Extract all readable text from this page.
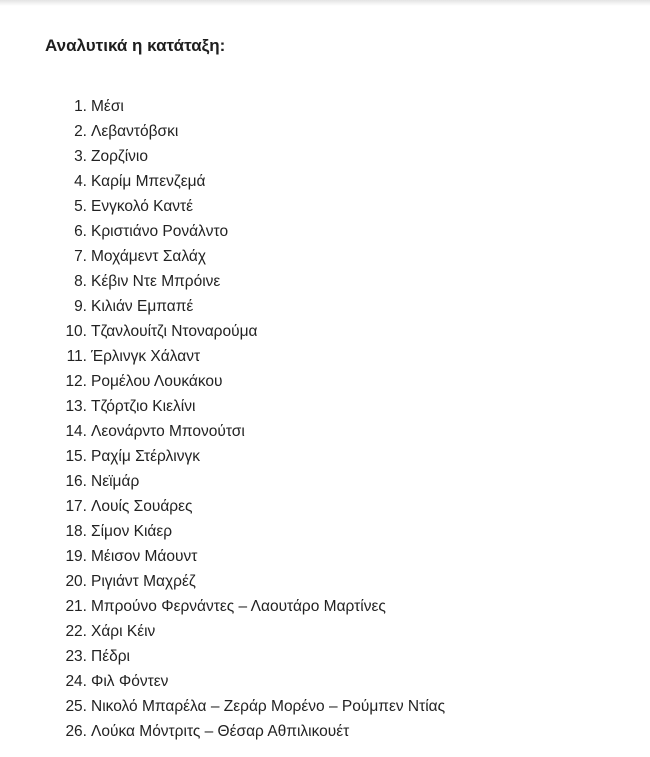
Αναλυτικά η κατάταξη:
1. Μέσι
2. Λεβαντόβσκι
3. Ζορζίνιο
4. Καρίμ Μπενζεμά
5. Ενγκολό Καντέ
6. Κριστιάνο Ρονάλντο
7. Μοχάμεντ Σαλάχ
8. Κέβιν Ντε Μπρόινε
9. Κιλιάν Εμπαπέ
10. Τζανλουίτζι Ντοναρούμα
11. Έρλινγκ Χάλαντ
12. Ρομέλου Λουκάκου
13. Τζόρτζιο Κιελίνι
14. Λεονάρντο Μπονούτσι
15. Ραχίμ Στέρλινγκ
16. Νεϊμάρ
17. Λουίς Σουάρες
18. Σίμον Κιάερ
19. Μέισον Μάουντ
20. Ριγιάντ Μαχρέζ
21. Μπρούνο Φερνάντες – Λαουτάρο Μαρτίνες
22. Χάρι Κέιν
23. Πέδρι
24. Φιλ Φόντεν
25. Νικολό Μπαρέλα – Ζεράρ Μορένο – Ρούμπεν Ντίας
26. Λούκα Μόντριτς – Θέσαρ Αθπιλικουέτ
